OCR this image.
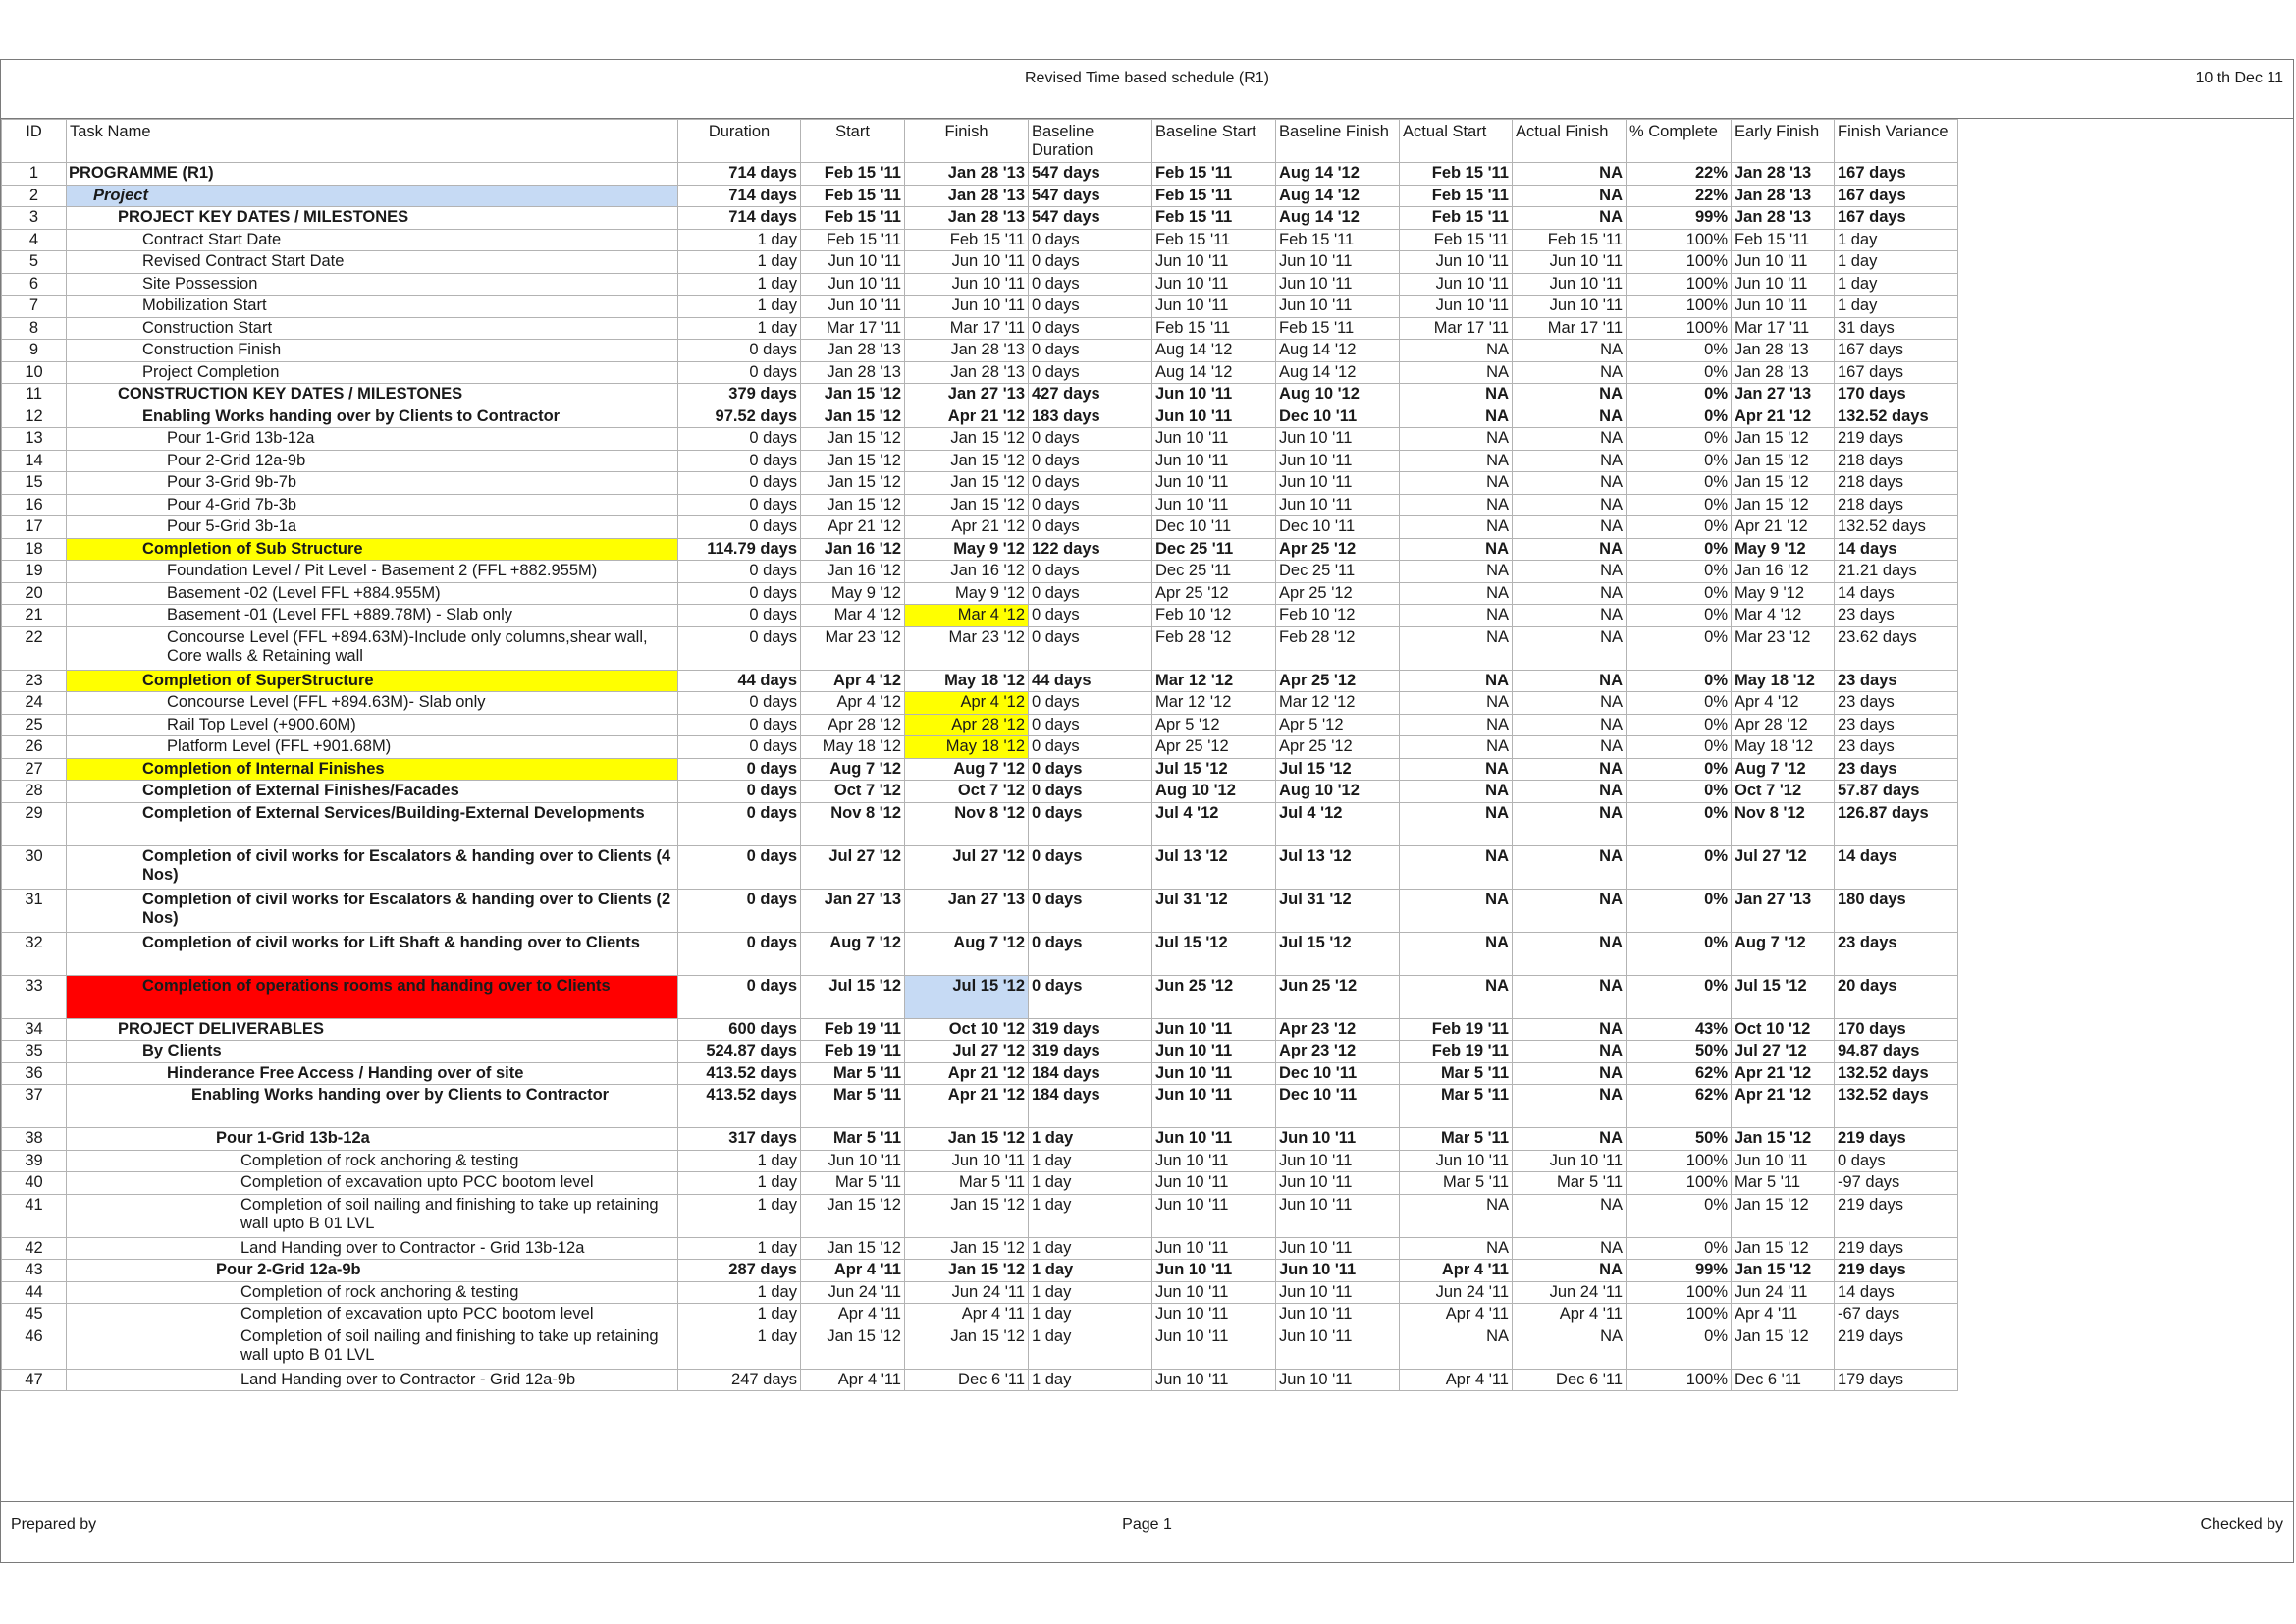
Revised Time based schedule (R1)	10 th Dec 11
ID	Task Name	Duration	Start	Finish	Baseline Duration	Baseline Start	Baseline Finish	Actual Start	Actual Finish	% Complete	Early Finish	Finish Variance
1	PROGRAMME (R1)	714 days	Feb 15 '11	Jan 28 '13	547 days	Feb 15 '11	Aug 14 '12	Feb 15 '11	NA	22%	Jan 28 '13	167 days
2	Project	714 days	Feb 15 '11	Jan 28 '13	547 days	Feb 15 '11	Aug 14 '12	Feb 15 '11	NA	22%	Jan 28 '13	167 days
3	PROJECT KEY DATES / MILESTONES	714 days	Feb 15 '11	Jan 28 '13	547 days	Feb 15 '11	Aug 14 '12	Feb 15 '11	NA	99%	Jan 28 '13	167 days
4	Contract Start Date	1 day	Feb 15 '11	Feb 15 '11	0 days	Feb 15 '11	Feb 15 '11	Feb 15 '11	Feb 15 '11	100%	Feb 15 '11	1 day
5	Revised Contract Start Date	1 day	Jun 10 '11	Jun 10 '11	0 days	Jun 10 '11	Jun 10 '11	Jun 10 '11	Jun 10 '11	100%	Jun 10 '11	1 day
6	Site Possession	1 day	Jun 10 '11	Jun 10 '11	0 days	Jun 10 '11	Jun 10 '11	Jun 10 '11	Jun 10 '11	100%	Jun 10 '11	1 day
7	Mobilization Start	1 day	Jun 10 '11	Jun 10 '11	0 days	Jun 10 '11	Jun 10 '11	Jun 10 '11	Jun 10 '11	100%	Jun 10 '11	1 day
8	Construction Start	1 day	Mar 17 '11	Mar 17 '11	0 days	Feb 15 '11	Feb 15 '11	Mar 17 '11	Mar 17 '11	100%	Mar 17 '11	31 days
9	Construction Finish	0 days	Jan 28 '13	Jan 28 '13	0 days	Aug 14 '12	Aug 14 '12	NA	NA	0%	Jan 28 '13	167 days
10	Project Completion	0 days	Jan 28 '13	Jan 28 '13	0 days	Aug 14 '12	Aug 14 '12	NA	NA	0%	Jan 28 '13	167 days
11	CONSTRUCTION KEY DATES / MILESTONES	379 days	Jan 15 '12	Jan 27 '13	427 days	Jun 10 '11	Aug 10 '12	NA	NA	0%	Jan 27 '13	170 days
12	Enabling Works handing over by Clients to Contractor	97.52 days	Jan 15 '12	Apr 21 '12	183 days	Jun 10 '11	Dec 10 '11	NA	NA	0%	Apr 21 '12	132.52 days
13	Pour 1-Grid 13b-12a	0 days	Jan 15 '12	Jan 15 '12	0 days	Jun 10 '11	Jun 10 '11	NA	NA	0%	Jan 15 '12	219 days
14	Pour 2-Grid 12a-9b	0 days	Jan 15 '12	Jan 15 '12	0 days	Jun 10 '11	Jun 10 '11	NA	NA	0%	Jan 15 '12	218 days
15	Pour 3-Grid 9b-7b	0 days	Jan 15 '12	Jan 15 '12	0 days	Jun 10 '11	Jun 10 '11	NA	NA	0%	Jan 15 '12	218 days
16	Pour 4-Grid 7b-3b	0 days	Jan 15 '12	Jan 15 '12	0 days	Jun 10 '11	Jun 10 '11	NA	NA	0%	Jan 15 '12	218 days
17	Pour 5-Grid 3b-1a	0 days	Apr 21 '12	Apr 21 '12	0 days	Dec 10 '11	Dec 10 '11	NA	NA	0%	Apr 21 '12	132.52 days
18	Completion of Sub Structure	114.79 days	Jan 16 '12	May 9 '12	122 days	Dec 25 '11	Apr 25 '12	NA	NA	0%	May 9 '12	14 days
19	Foundation Level / Pit Level - Basement 2 (FFL +882.955M)	0 days	Jan 16 '12	Jan 16 '12	0 days	Dec 25 '11	Dec 25 '11	NA	NA	0%	Jan 16 '12	21.21 days
20	Basement -02 (Level FFL +884.955M)	0 days	May 9 '12	May 9 '12	0 days	Apr 25 '12	Apr 25 '12	NA	NA	0%	May 9 '12	14 days
21	Basement -01 (Level FFL +889.78M) - Slab only	0 days	Mar 4 '12	Mar 4 '12	0 days	Feb 10 '12	Feb 10 '12	NA	NA	0%	Mar 4 '12	23 days
22	Concourse Level (FFL +894.63M)-Include only columns,shear wall, Core walls & Retaining wall	0 days	Mar 23 '12	Mar 23 '12	0 days	Feb 28 '12	Feb 28 '12	NA	NA	0%	Mar 23 '12	23.62 days
23	Completion of SuperStructure	44 days	Apr 4 '12	May 18 '12	44 days	Mar 12 '12	Apr 25 '12	NA	NA	0%	May 18 '12	23 days
24	Concourse Level (FFL +894.63M)- Slab only	0 days	Apr 4 '12	Apr 4 '12	0 days	Mar 12 '12	Mar 12 '12	NA	NA	0%	Apr 4 '12	23 days
25	Rail Top Level (+900.60M)	0 days	Apr 28 '12	Apr 28 '12	0 days	Apr 5 '12	Apr 5 '12	NA	NA	0%	Apr 28 '12	23 days
26	Platform Level (FFL +901.68M)	0 days	May 18 '12	May 18 '12	0 days	Apr 25 '12	Apr 25 '12	NA	NA	0%	May 18 '12	23 days
27	Completion of Internal Finishes	0 days	Aug 7 '12	Aug 7 '12	0 days	Jul 15 '12	Jul 15 '12	NA	NA	0%	Aug 7 '12	23 days
28	Completion of External Finishes/Facades	0 days	Oct 7 '12	Oct 7 '12	0 days	Aug 10 '12	Aug 10 '12	NA	NA	0%	Oct 7 '12	57.87 days
29	Completion of External Services/Building-External Developments	0 days	Nov 8 '12	Nov 8 '12	0 days	Jul 4 '12	Jul 4 '12	NA	NA	0%	Nov 8 '12	126.87 days
30	Completion of civil works for Escalators & handing over to Clients (4 Nos)	0 days	Jul 27 '12	Jul 27 '12	0 days	Jul 13 '12	Jul 13 '12	NA	NA	0%	Jul 27 '12	14 days
31	Completion of civil works for Escalators & handing over to Clients (2 Nos)	0 days	Jan 27 '13	Jan 27 '13	0 days	Jul 31 '12	Jul 31 '12	NA	NA	0%	Jan 27 '13	180 days
32	Completion of civil works for Lift Shaft & handing over to Clients	0 days	Aug 7 '12	Aug 7 '12	0 days	Jul 15 '12	Jul 15 '12	NA	NA	0%	Aug 7 '12	23 days
33	Completion of operations rooms and handing over to Clients	0 days	Jul 15 '12	Jul 15 '12	0 days	Jun 25 '12	Jun 25 '12	NA	NA	0%	Jul 15 '12	20 days
34	PROJECT DELIVERABLES	600 days	Feb 19 '11	Oct 10 '12	319 days	Jun 10 '11	Apr 23 '12	Feb 19 '11	NA	43%	Oct 10 '12	170 days
35	By Clients	524.87 days	Feb 19 '11	Jul 27 '12	319 days	Jun 10 '11	Apr 23 '12	Feb 19 '11	NA	50%	Jul 27 '12	94.87 days
36	Hinderance Free Access / Handing over of site	413.52 days	Mar 5 '11	Apr 21 '12	184 days	Jun 10 '11	Dec 10 '11	Mar 5 '11	NA	62%	Apr 21 '12	132.52 days
37	Enabling Works handing over by Clients to Contractor	413.52 days	Mar 5 '11	Apr 21 '12	184 days	Jun 10 '11	Dec 10 '11	Mar 5 '11	NA	62%	Apr 21 '12	132.52 days
38	Pour 1-Grid 13b-12a	317 days	Mar 5 '11	Jan 15 '12	1 day	Jun 10 '11	Jun 10 '11	Mar 5 '11	NA	50%	Jan 15 '12	219 days
39	Completion of rock anchoring & testing	1 day	Jun 10 '11	Jun 10 '11	1 day	Jun 10 '11	Jun 10 '11	Jun 10 '11	Jun 10 '11	100%	Jun 10 '11	0 days
40	Completion of excavation upto PCC bootom level	1 day	Mar 5 '11	Mar 5 '11	1 day	Jun 10 '11	Jun 10 '11	Mar 5 '11	Mar 5 '11	100%	Mar 5 '11	-97 days
41	Completion of soil nailing and finishing to take up retaining wall upto B 01 LVL	1 day	Jan 15 '12	Jan 15 '12	1 day	Jun 10 '11	Jun 10 '11	NA	NA	0%	Jan 15 '12	219 days
42	Land Handing over to Contractor - Grid 13b-12a	1 day	Jan 15 '12	Jan 15 '12	1 day	Jun 10 '11	Jun 10 '11	NA	NA	0%	Jan 15 '12	219 days
43	Pour 2-Grid 12a-9b	287 days	Apr 4 '11	Jan 15 '12	1 day	Jun 10 '11	Jun 10 '11	Apr 4 '11	NA	99%	Jan 15 '12	219 days
44	Completion of rock anchoring & testing	1 day	Jun 24 '11	Jun 24 '11	1 day	Jun 10 '11	Jun 10 '11	Jun 24 '11	Jun 24 '11	100%	Jun 24 '11	14 days
45	Completion of excavation upto PCC bootom level	1 day	Apr 4 '11	Apr 4 '11	1 day	Jun 10 '11	Jun 10 '11	Apr 4 '11	Apr 4 '11	100%	Apr 4 '11	-67 days
46	Completion of soil nailing and finishing to take up retaining wall upto B 01 LVL	1 day	Jan 15 '12	Jan 15 '12	1 day	Jun 10 '11	Jun 10 '11	NA	NA	0%	Jan 15 '12	219 days
47	Land Handing over to Contractor - Grid 12a-9b	247 days	Apr 4 '11	Dec 6 '11	1 day	Jun 10 '11	Jun 10 '11	Apr 4 '11	Dec 6 '11	100%	Dec 6 '11	179 days
Prepared by	Page 1	Checked by
